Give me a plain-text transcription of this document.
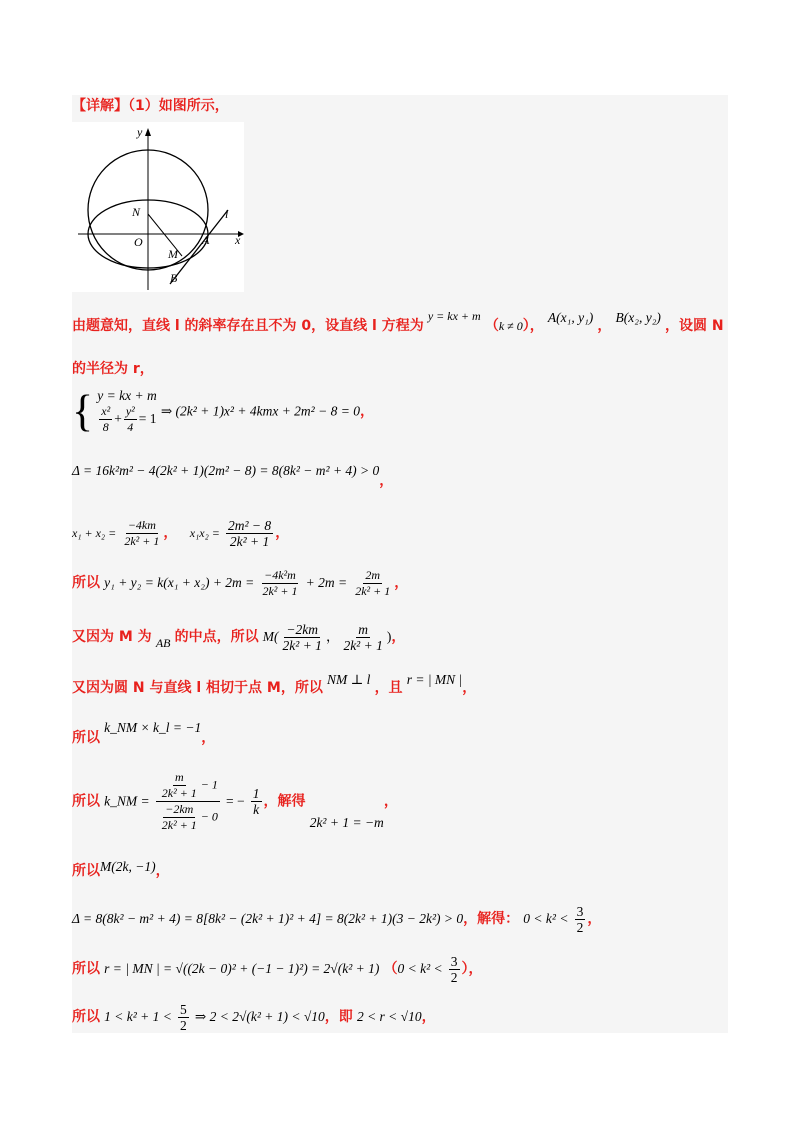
【详解】（1）如图所示，
y
x
O
N
M
A
B
l
由题意知，直线 l 的斜率存在且不为 0，设直线 l 方程为 y = kx + m （k ≠ 0）， A(x₁, y₁) ， B(x₂, y₂) ，设圆 N
的半径为 r，
{ y = kx + m
$\frac{\text{x²}}{8} + \frac{\text{y²}}{4} = 1$ ⇒ (2k² + 1)x² + 4kmx + 2m² − 8 = 0，
Δ = 16k²m² − 4(2k² + 1)(2m² − 8) = 8(8k² − m² + 4) > 0，
$x_1 + x_2 = \frac{-4km}{\text{2k² + 1}}$ ， $x_1x_2 = \frac{\text{2m² − 8}}{\text{2k² + 1}}$ ，
所以 $y_1 + y_2 = k(x_1 + x_2) + 2m = \frac{\text{−4k²m}}{\text{2k² + 1}} + 2m = \frac{2m}{\text{2k² + 1}}$ ，
又因为 M 为 AB 的中点，所以 $M( \frac{-2km}{\text{2k² + 1}}$ ， $\frac{m}{\text{2k² + 1}}$ )，
又因为圆 N 与直线 l 相切于点 M，所以 NM ⊥ l ，且 r = | MN |，
所以 k_NM × k_l = −1，
所以 k_NM = $\frac{\frac{m}{\text{2k² + 1}} - 1}{\frac{-2km}{\text{2k² + 1}} - 0}$ = − $\frac{1}{k}$ ，解得 2k² + 1 = −m，
所以M(2k, −1)，
Δ = 8(8k² − m² + 4) = 8[8k² − (2k² + 1)² + 4] = 8(2k² + 1)(3 − 2k²) > 0，解得： $0 < k^2 < \frac{3}{2}$ ，
所以 r = | MN | = √((2k − 0)² + (−1 − 1)²) = 2√(k² + 1) （$0 < k^2 < \frac{3}{2}$ ），
所以 $1 < k^2 + 1 < \frac{5}{2}$ ⇒ 2 < 2√(k² + 1) < √10，即 2 < r < √10，
